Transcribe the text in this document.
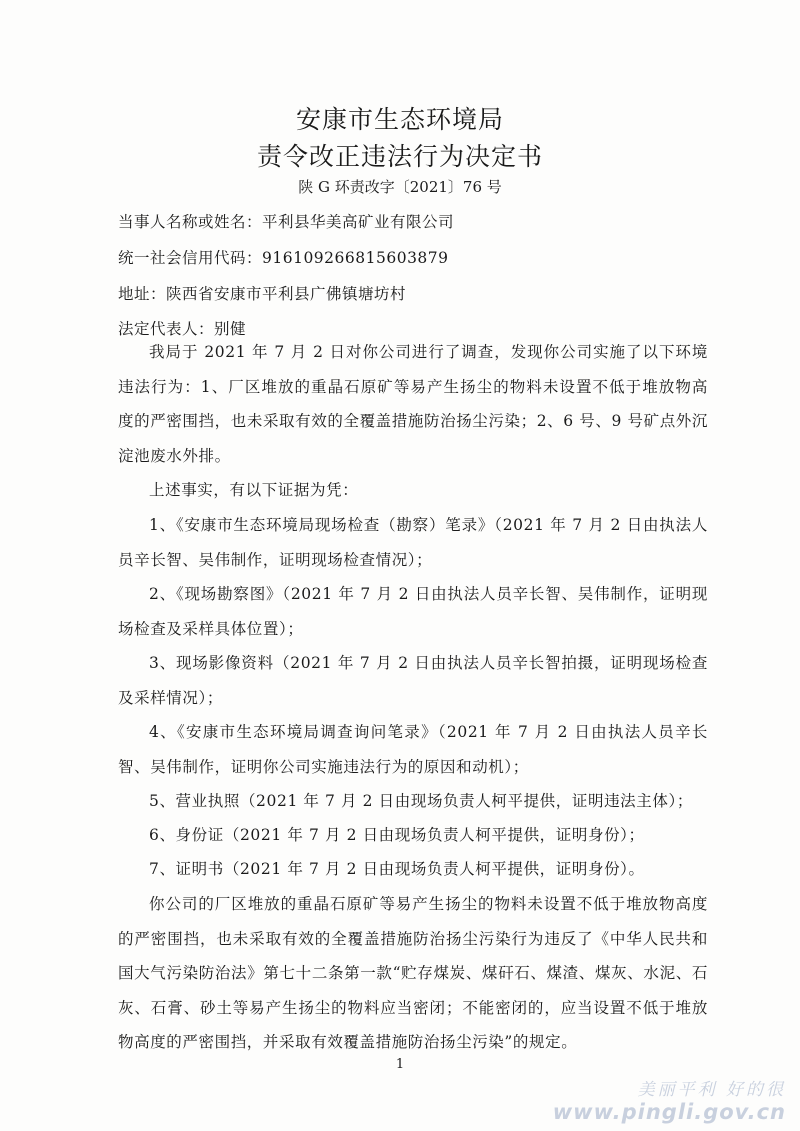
安康市生态环境局
责令改正违法行为决定书
陕 G 环责改字〔2021〕76 号
当事人名称或姓名：平利县华美高矿业有限公司
统一社会信用代码：916109266815603879
地址：陕西省安康市平利县广佛镇塘坊村
法定代表人：别健
我局于 2021 年 7 月 2 日对你公司进行了调查，发现你公司实施了以下环境违法行为：1、厂区堆放的重晶石原矿等易产生扬尘的物料未设置不低于堆放物高度的严密围挡，也未采取有效的全覆盖措施防治扬尘污染；2、6 号、9 号矿点外沉淀池废水外排。
上述事实，有以下证据为凭：
1、《安康市生态环境局现场检查（勘察）笔录》（2021 年 7 月 2 日由执法人员辛长智、吴伟制作，证明现场检查情况）；
2、《现场勘察图》（2021 年 7 月 2 日由执法人员辛长智、吴伟制作，证明现场检查及采样具体位置）；
3、现场影像资料（2021 年 7 月 2 日由执法人员辛长智拍摄，证明现场检查及采样情况）；
4、《安康市生态环境局调查询问笔录》（2021 年 7 月 2 日由执法人员辛长智、吴伟制作，证明你公司实施违法行为的原因和动机）；
5、营业执照（2021 年 7 月 2 日由现场负责人柯平提供，证明违法主体）；
6、身份证（2021 年 7 月 2 日由现场负责人柯平提供，证明身份）；
7、证明书（2021 年 7 月 2 日由现场负责人柯平提供，证明身份）。
你公司的厂区堆放的重晶石原矿等易产生扬尘的物料未设置不低于堆放物高度的严密围挡，也未采取有效的全覆盖措施防治扬尘污染行为违反了《中华人民共和国大气污染防治法》第七十二条第一款“贮存煤炭、煤矸石、煤渣、煤灰、水泥、石灰、石膏、砂土等易产生扬尘的物料应当密闭；不能密闭的，应当设置不低于堆放物高度的严密围挡，并采取有效覆盖措施防治扬尘污染”的规定。
1
美丽平利 好的很
www.pingli.gov.cn
